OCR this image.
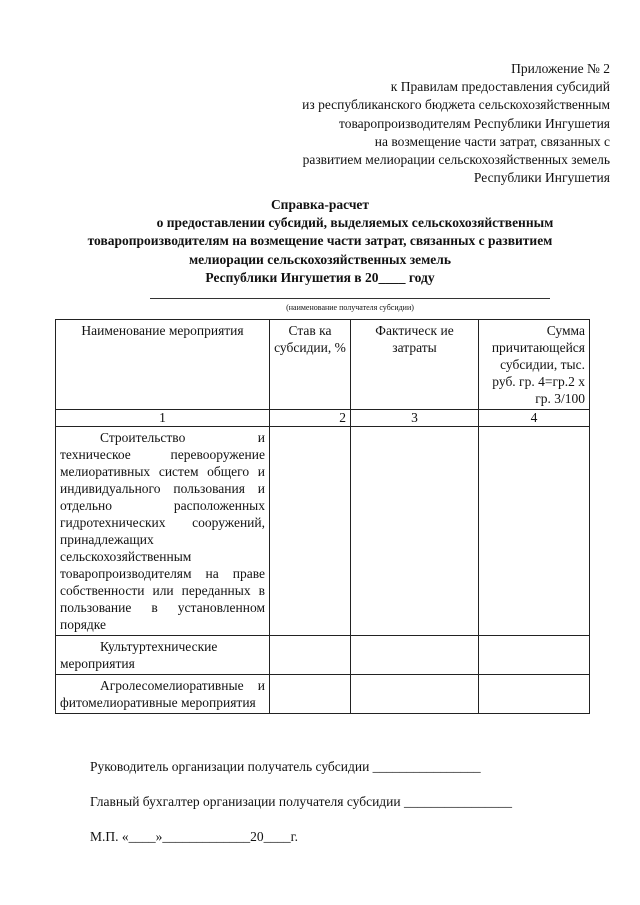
Приложение № 2
к Правилам предоставления субсидий
из республиканского бюджета сельскохозяйственным
товаропроизводителям Республики Ингушетия
на возмещение части затрат, связанных с
развитием мелиорации сельскохозяйственных земель
Республики Ингушетия
Справка-расчет
о предоставлении субсидий, выделяемых сельскохозяйственным
товаропроизводителям на возмещение части затрат, связанных с развитием
мелиорации сельскохозяйственных земель
Республики Ингушетия в 20____ году
(наименование получателя субсидии)
Наименование мероприятия	Став ка субсидии, %	Фактическ ие затраты	Сумма причитающейся субсидии, тыс. руб. гр. 4=гр.2 х гр. 3/100
1	2	3	4
Строительство и техническое перевооружение мелиоративных систем общего и индивидуального пользования и отдельно расположенных гидротехнических сооружений, принадлежащих сельскохозяйственным товаропроизводителям на праве собственности или переданных в пользование в установленном порядке			
Культуртехнические мероприятия			
Агролесомелиоративные и фитомелиоративные мероприятия			
Руководитель организации получатель субсидии ________________
Главный бухгалтер организации получателя субсидии ________________
М.П. «____»_____________20____г.
